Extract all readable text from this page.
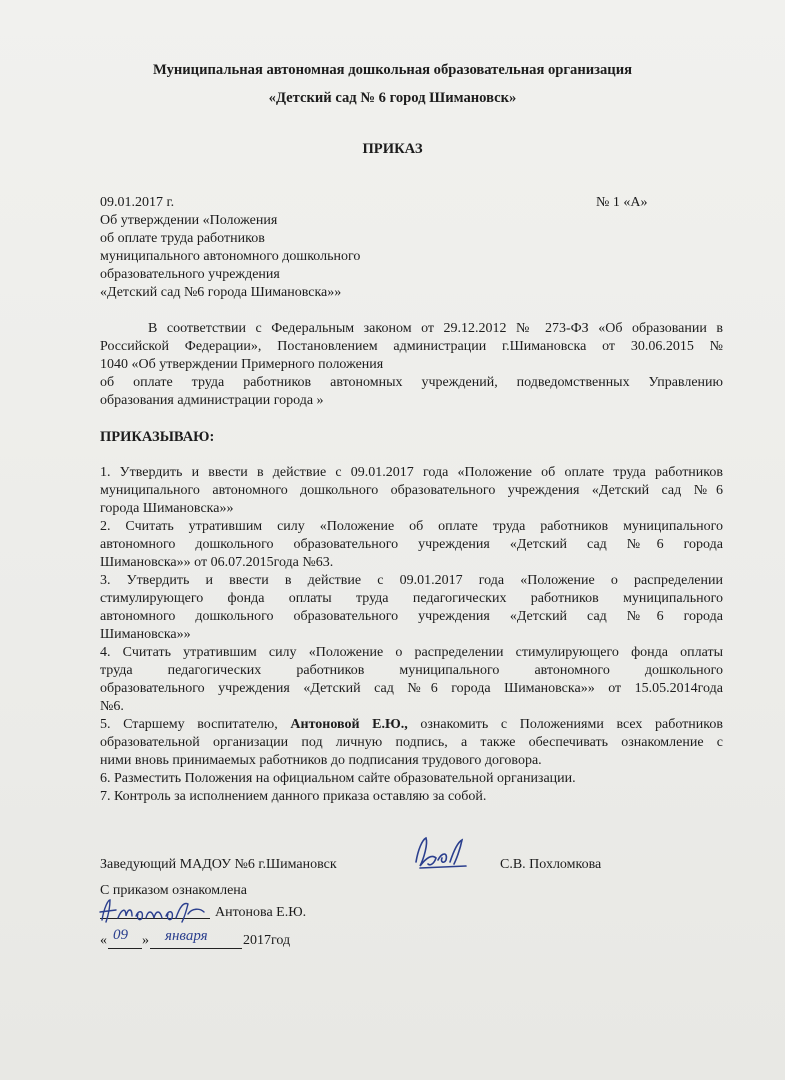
Муниципальная автономная дошкольная образовательная организация
«Детский сад № 6 город Шимановск»
ПРИКАЗ
09.01.2017 г.	№ 1 «А»
Об утверждении «Положения
об оплате труда работников
муниципального автономного дошкольного
образовательного учреждения
«Детский сад №6 города Шимановска»»
В соответствии с Федеральным законом от 29.12.2012 № 273-ФЗ «Об образовании в
Российской Федерации», Постановлением администрации г.Шимановска от 30.06.2015 №
1040 «Об утверждении Примерного положения
об оплате труда работников автономных учреждений, подведомственных Управлению
образования администрации города »
ПРИКАЗЫВАЮ:
1. Утвердить и ввести в действие с 09.01.2017 года «Положение об оплате труда работников
муниципального автономного дошкольного образовательного учреждения «Детский сад №6
города Шимановска»»
2. Считать утратившим силу «Положение об оплате труда работников муниципального
автономного дошкольного образовательного учреждения «Детский сад №6 города
Шимановска»» от 06.07.2015года №63.
3. Утвердить и ввести в действие с 09.01.2017 года «Положение о распределении
стимулирующего фонда оплаты труда педагогических работников муниципального
автономного дошкольного образовательного учреждения «Детский сад №6 города
Шимановска»»
4. Считать утратившим силу «Положение о распределении стимулирующего фонда оплаты
труда педагогических работников муниципального автономного дошкольного
образовательного учреждения «Детский сад №6 города Шимановска»» от 15.05.2014года
№6.
5. Старшему воспитателю, Антоновой Е.Ю., ознакомить с Положениями всех работников
образовательной организации под личную подпись, а также обеспечивать ознакомление с
ними вновь принимаемых работников до подписания трудового договора.
6. Разместить Положения на официальном сайте образовательной организации.
7. Контроль за исполнением данного приказа оставляю за собой.
Заведующий МАДОУ №6 г.Шимановск	С.В. Похломкова
С приказом ознакомлена
Антонова Е.Ю.
« 09 » января	2017год
